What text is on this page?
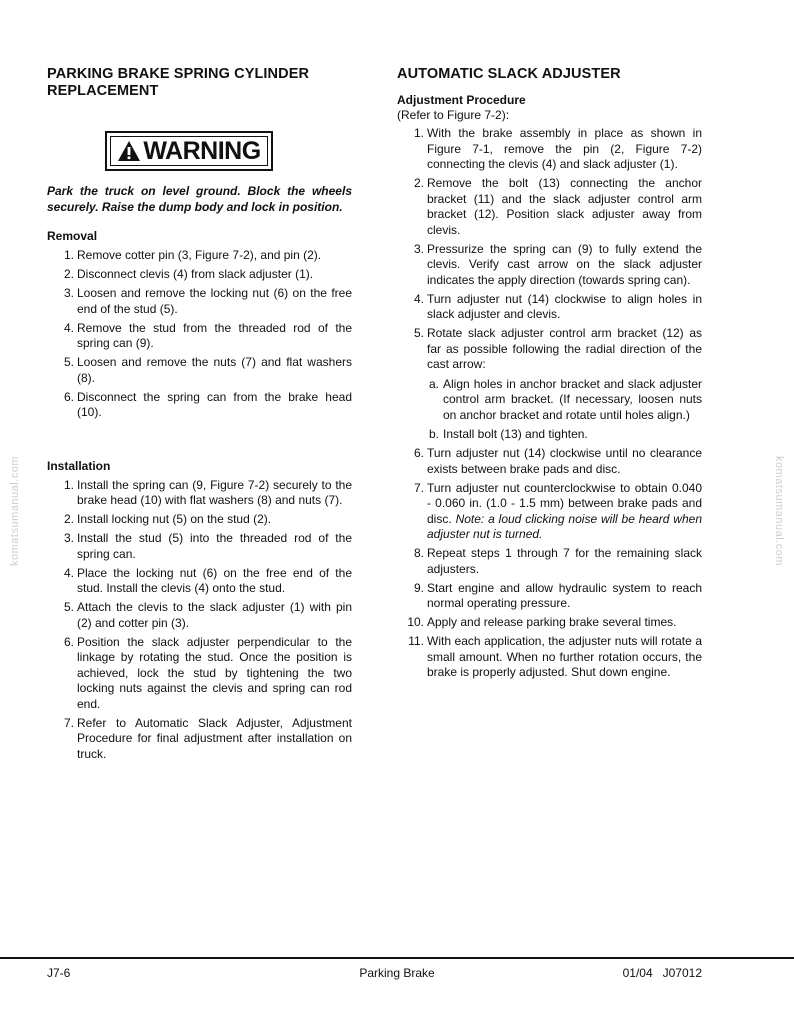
PARKING BRAKE SPRING CYLINDER REPLACEMENT
WARNING

Park the truck on level ground. Block the wheels securely. Raise the dump body and lock in position.

Removal
1. Remove cotter pin (3, Figure 7-2), and pin (2).
2. Disconnect clevis (4) from slack adjuster (1).
3. Loosen and remove the locking nut (6) on the free end of the stud (5).
4. Remove the stud from the threaded rod of the spring can (9).
5. Loosen and remove the nuts (7) and flat washers (8).
6. Disconnect the spring can from the brake head (10).
Installation
1. Install the spring can (9, Figure 7-2) securely to the brake head (10) with flat washers (8) and nuts (7).
2. Install locking nut (5) on the stud (2).
3. Install the stud (5) into the threaded rod of the spring can.
4. Place the locking nut (6) on the free end of the stud. Install the clevis (4) onto the stud.
5. Attach the clevis to the slack adjuster (1) with pin (2) and cotter pin (3).
6. Position the slack adjuster perpendicular to the linkage by rotating the stud. Once the position is achieved, lock the stud by tightening the two locking nuts against the clevis and spring can rod end.
7. Refer to Automatic Slack Adjuster, Adjustment Procedure for final adjustment after installation on truck.
AUTOMATIC SLACK ADJUSTER
Adjustment Procedure
(Refer to Figure 7-2):
1. With the brake assembly in place as shown in Figure 7-1, remove the pin (2, Figure 7-2) connecting the clevis (4) and slack adjuster (1).
2. Remove the bolt (13) connecting the anchor bracket (11) and the slack adjuster control arm bracket (12). Position slack adjuster away from clevis.
3. Pressurize the spring can (9) to fully extend the clevis. Verify cast arrow on the slack adjuster indicates the apply direction (towards spring can).
4. Turn adjuster nut (14) clockwise to align holes in slack adjuster and clevis.
5. Rotate slack adjuster control arm bracket (12) as far as possible following the radial direction of the cast arrow:
a. Align holes in anchor bracket and slack adjuster control arm bracket. (If necessary, loosen nuts on anchor bracket and rotate until holes align.)
b. Install bolt (13) and tighten.
6. Turn adjuster nut (14) clockwise until no clearance exists between brake pads and disc.
7. Turn adjuster nut counterclockwise to obtain 0.040 - 0.060 in. (1.0 - 1.5 mm) between brake pads and disc. Note: a loud clicking noise will be heard when adjuster nut is turned.
8. Repeat steps 1 through 7 for the remaining slack adjusters.
9. Start engine and allow hydraulic system to reach normal operating pressure.
10. Apply and release parking brake several times.
11. With each application, the adjuster nuts will rotate a small amount. When no further rotation occurs, the brake is properly adjusted. Shut down engine.
komatsumanual.com	komatsumanual.com
J7-6	Parking Brake	01/04   J07012
